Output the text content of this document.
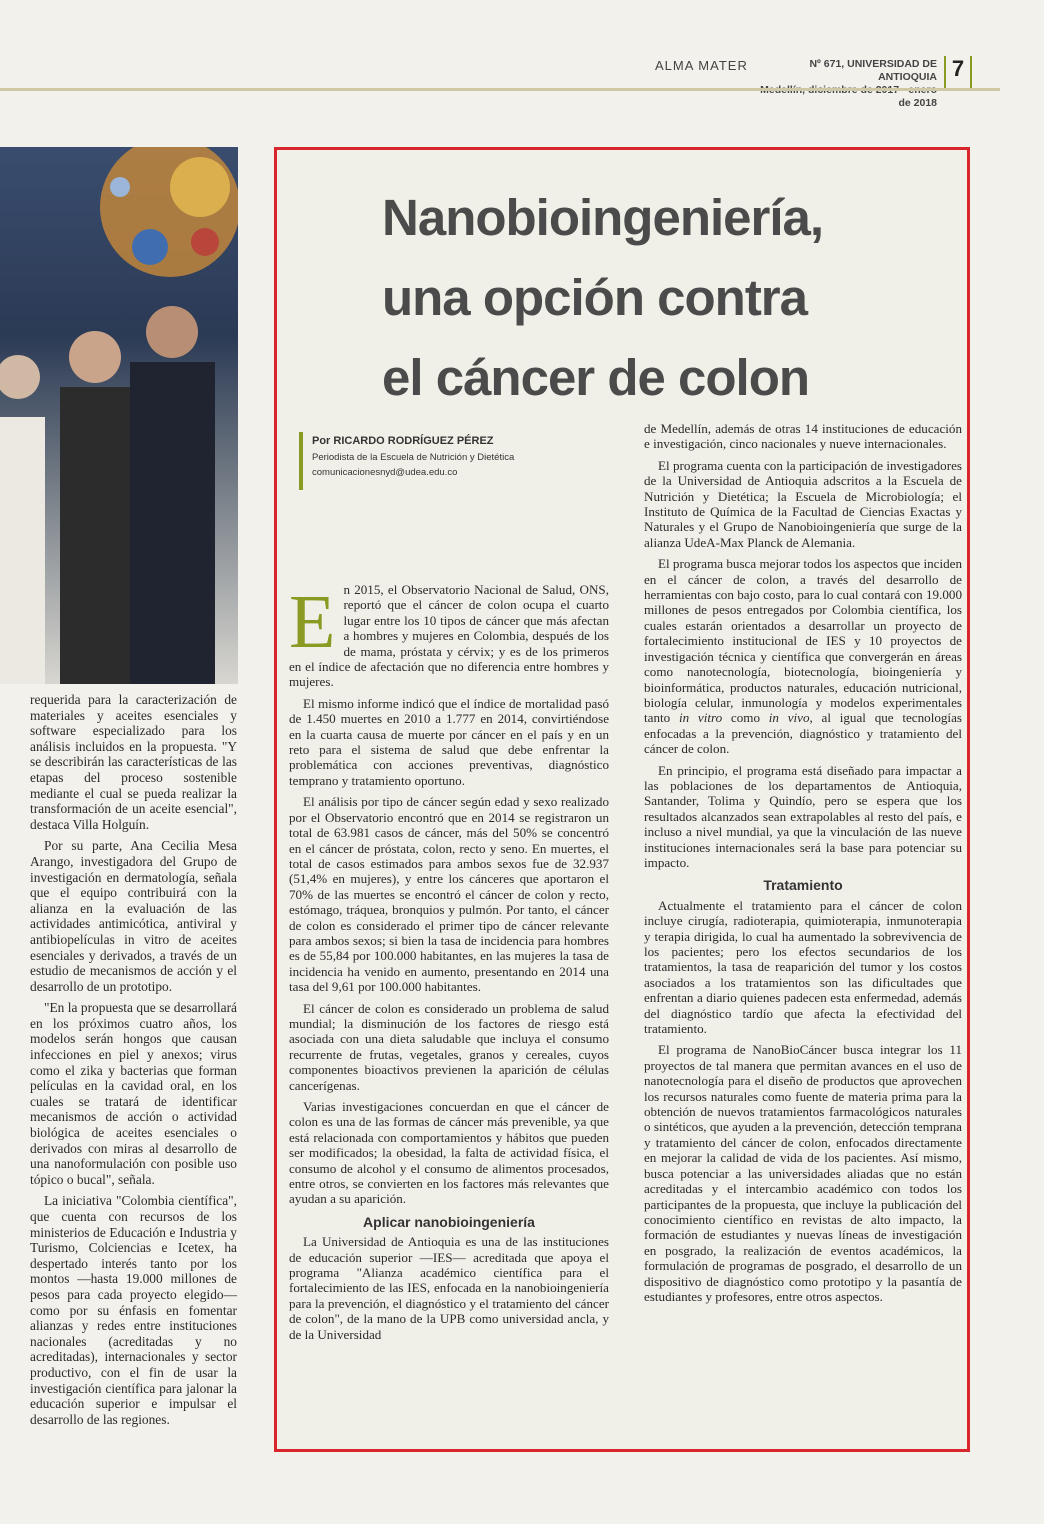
ALMA MATER	Nº 671, UNIVERSIDAD DE ANTIOQUIA
de 2018
7

requerida para la caracterización de materiales y aceites esenciales y software especializado para los análisis incluidos en la propuesta. "Y se describirán las características de las etapas del proceso sostenible mediante el cual se pueda realizar la transformación de un aceite esencial", destaca Villa Holguín.

Por su parte, Ana Cecilia Mesa Arango, investigadora del Grupo de investigación en dermatología, señala que el equipo contribuirá con la alianza en la evaluación de las actividades antimicótica, antiviral y antibiopelículas in vitro de aceites esenciales y derivados, a través de un estudio de mecanismos de acción y el desarrollo de un prototipo.

"En la propuesta que se desarrollará en los próximos cuatro años, los modelos serán hongos que causan infecciones en piel y anexos; virus como el zika y bacterias que forman películas en la cavidad oral, en los cuales se tratará de identificar mecanismos de acción o actividad biológica de aceites esenciales o derivados con miras al desarrollo de una nanoformulación con posible uso tópico o bucal", señala.

La iniciativa "Colombia científica", que cuenta con recursos de los ministerios de Educación e Industria y Turismo, Colciencias e Icetex, ha despertado interés tanto por los montos —hasta 19.000 millones de pesos para cada proyecto elegido— como por su énfasis en fomentar alianzas y redes entre instituciones nacionales (acreditadas y no acreditadas), internacionales y sector productivo, con el fin de usar la investigación científica para jalonar la educación superior e impulsar el desarrollo de las regiones.

Nanobioingeniería,
una opción contra
el cáncer de colon
Por RICARDO RODRÍGUEZ PÉREZ
Periodista de la Escuela de Nutrición y Dietética
comunicacionesnyd@udea.edu.co

En 2015, el Observatorio Nacional de Salud, ONS, reportó que el cáncer de colon ocupa el cuarto lugar entre los 10 tipos de cáncer que más afectan a hombres y mujeres en Colombia, después de los de mama, próstata y cérvix; y es de los primeros en el índice de afectación que no diferencia entre hombres y mujeres.

El mismo informe indicó que el índice de mortalidad pasó de 1.450 muertes en 2010 a 1.777 en 2014, convirtiéndose en la cuarta causa de muerte por cáncer en el país y en un reto para el sistema de salud que debe enfrentar la problemática con acciones preventivas, diagnóstico temprano y tratamiento oportuno.

El análisis por tipo de cáncer según edad y sexo realizado por el Observatorio encontró que en 2014 se registraron un total de 63.981 casos de cáncer, más del 50% se concentró en el cáncer de próstata, colon, recto y seno. En muertes, el total de casos estimados para ambos sexos fue de 32.937 (51,4% en mujeres), y entre los cánceres que aportaron el 70% de las muertes se encontró el cáncer de colon y recto, estómago, tráquea, bronquios y pulmón. Por tanto, el cáncer de colon es considerado el primer tipo de cáncer relevante para ambos sexos; si bien la tasa de incidencia para hombres es de 55,84 por 100.000 habitantes, en las mujeres la tasa de incidencia ha venido en aumento, presentando en 2014 una tasa del 9,61 por 100.000 habitantes.

El cáncer de colon es considerado un problema de salud mundial; la disminución de los factores de riesgo está asociada con una dieta saludable que incluya el consumo recurrente de frutas, vegetales, granos y cereales, cuyos componentes bioactivos previenen la aparición de células cancerígenas.

Varias investigaciones concuerdan en que el cáncer de colon es una de las formas de cáncer más prevenible, ya que está relacionada con comportamientos y hábitos que pueden ser modificados; la obesidad, la falta de actividad física, el consumo de alcohol y el consumo de alimentos procesados, entre otros, se convierten en los factores más relevantes que ayudan a su aparición.

Aplicar nanobioingeniería

La Universidad de Antioquia es una de las instituciones de educación superior —IES— acreditada que apoya el programa "Alianza académico científica para el fortalecimiento de las IES, enfocada en la nanobioingeniería para la prevención, el diagnóstico y el tratamiento del cáncer de colon", de la mano de la UPB como universidad ancla, y de la Universidad

de Medellín, además de otras 14 instituciones de educación e investigación, cinco nacionales y nueve internacionales.

El programa cuenta con la participación de investigadores de la Universidad de Antioquia adscritos a la Escuela de Nutrición y Dietética; la Escuela de Microbiología; el Instituto de Química de la Facultad de Ciencias Exactas y Naturales y el Grupo de Nanobioingeniería que surge de la alianza UdeA-Max Planck de Alemania.

El programa busca mejorar todos los aspectos que inciden en el cáncer de colon, a través del desarrollo de herramientas con bajo costo, para lo cual contará con 19.000 millones de pesos entregados por Colombia científica, los cuales estarán orientados a desarrollar un proyecto de fortalecimiento institucional de IES y 10 proyectos de investigación técnica y científica que convergerán en áreas como nanotecnología, biotecnología, bioingeniería y bioinformática, productos naturales, educación nutricional, biología celular, inmunología y modelos experimentales tanto in vitro como in vivo, al igual que tecnologías enfocadas a la prevención, diagnóstico y tratamiento del cáncer de colon.

En principio, el programa está diseñado para impactar a las poblaciones de los departamentos de Antioquia, Santander, Tolima y Quindío, pero se espera que los resultados alcanzados sean extrapolables al resto del país, e incluso a nivel mundial, ya que la vinculación de las nueve instituciones internacionales será la base para potenciar su impacto.

Tratamiento

Actualmente el tratamiento para el cáncer de colon incluye cirugía, radioterapia, quimioterapia, inmunoterapia y terapia dirigida, lo cual ha aumentado la sobrevivencia de los pacientes; pero los efectos secundarios de los tratamientos, la tasa de reaparición del tumor y los costos asociados a los tratamientos son las dificultades que enfrentan a diario quienes padecen esta enfermedad, además del diagnóstico tardío que afecta la efectividad del tratamiento.

El programa de NanoBioCáncer busca integrar los 11 proyectos de tal manera que permitan avances en el uso de nanotecnología para el diseño de productos que aprovechen los recursos naturales como fuente de materia prima para la obtención de nuevos tratamientos farmacológicos naturales o sintéticos, que ayuden a la prevención, detección temprana y tratamiento del cáncer de colon, enfocados directamente en mejorar la calidad de vida de los pacientes. Así mismo, busca potenciar a las universidades aliadas que no están acreditadas y el intercambio académico con todos los participantes de la propuesta, que incluye la publicación del conocimiento científico en revistas de alto impacto, la formación de estudiantes y nuevas líneas de investigación en posgrado, la realización de eventos académicos, la formulación de programas de posgrado, el desarrollo de un dispositivo de diagnóstico como prototipo y la pasantía de estudiantes y profesores, entre otros aspectos.
